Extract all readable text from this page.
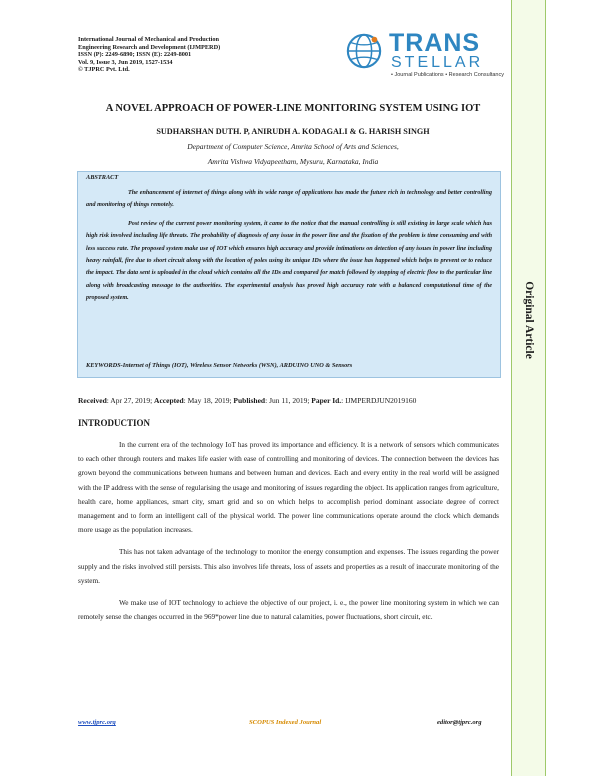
International Journal of Mechanical and Production
Engineering Research and Development (IJMPERD)
ISSN (P): 2249-6890; ISSN (E): 2249-8001
Vol. 9, Issue 3, Jun 2019, 1527-1534
© TJPRC Pvt. Ltd.
TRANS
STELLAR
• Journal Publications • Research Consultancy
Original Article
A NOVEL APPROACH OF POWER-LINE MONITORING SYSTEM USING IOT
SUDHARSHAN DUTH. P, ANIRUDH A. KODAGALI & G. HARISH SINGH
Department of Computer Science, Amrita School of Arts and Sciences,
Amrita Vishwa Vidyapeetham, Mysuru, Karnataka, India
ABSTRACT

The enhancement of internet of things along with its wide range of applications has made the future rich in technology and better controlling and monitoring of things remotely.

Post review of the current power monitoring system, it came to the notice that the manual controlling is still existing in large scale which has high risk involved including life threats. The probability of diagnosis of any issue in the power line and the fixation of the problem is time consuming and with less success rate. The proposed system make use of IOT which ensures high accuracy and provide intimations on detection of any issues in power line including heavy rainfall, fire due to short circuit along with the location of poles using its unique IDs where the issue has happened which helps to prevent or to reduce the impact. The data sent is uploaded in the cloud which contains all the IDs and compared for match followed by stopping of electric flow to the particular line along with broadcasting message to the authorities. The experimental analysis has proved high accuracy rate with a balanced computational time of the proposed system.

KEYWORDS-Internet of Things (IOT), Wireless Sensor Networks (WSN), ARDUINO UNO & Sensors
Received: Apr 27, 2019; Accepted: May 18, 2019; Published: Jun 11, 2019; Paper Id.: IJMPERDJUN2019160
INTRODUCTION

In the current era of the technology IoT has proved its importance and efficiency. It is a network of sensors which communicates to each other through routers and makes life easier with ease of controlling and monitoring of devices. The connection between the devices has grown beyond the communications between humans and between human and devices. Each and every entity in the real world will be assigned with the IP address with the sense of regularising the usage and monitoring of issues regarding the object. Its application ranges from agriculture, health care, home appliances, smart city, smart grid and so on which helps to accomplish period dominant associate degree of correct management and to form an intelligent call of the physical world. The power line communications operate around the clock which demands more usage as the population increases.

This has not taken advantage of the technology to monitor the energy consumption and expenses. The issues regarding the power supply and the risks involved still persists. This also involves life threats, loss of assets and properties as a result of inaccurate monitoring of the system.

We make use of IOT technology to achieve the objective of our project, i. e., the power line monitoring system in which we can remotely sense the changes occurred in the 969*power line due to natural calamities, power fluctuations, short circuit, etc.

www.tjprc.org	SCOPUS Indexed Journal	editor@tjprc.org
